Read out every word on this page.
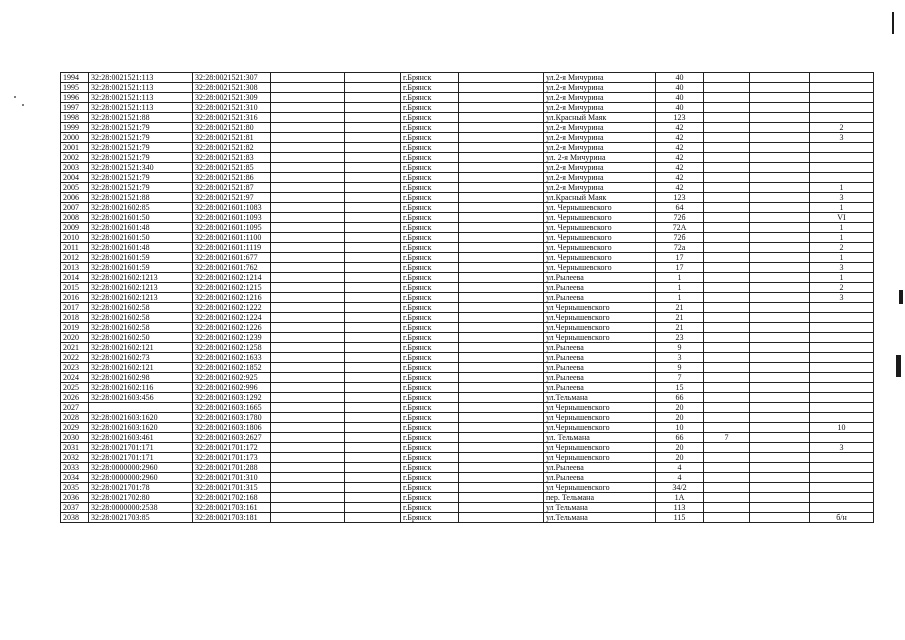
1994	32:28:0021521:113	32:28:0021521:307			г.Брянск		ул.2-я Мичурина	40			
1995	32:28:0021521:113	32:28:0021521:308			г.Брянск		ул.2-я Мичурина	40			
1996	32:28:0021521:113	32:28:0021521:309			г.Брянск		ул.2-я Мичурина	40			
1997	32:28:0021521:113	32:28:0021521:310			г.Брянск		ул.2-я Мичурина	40			
1998	32:28:0021521:88	32:28:0021521:316			г.Брянск		ул.Красный Маяк	123			
1999	32:28:0021521:79	32:28:0021521:80			г.Брянск		ул.2-я Мичурина	42			2
2000	32:28:0021521:79	32:28:0021521:81			г.Брянск		ул.2-я Мичурина	42			3
2001	32:28:0021521:79	32:28:0021521:82			г.Брянск		ул.2-я Мичурина	42			
2002	32:28:0021521:79	32:28:0021521:83			г.Брянск		ул. 2-я Мичурина	42			
2003	32:28:0021521:340	32:28:0021521:85			г.Брянск		ул.2-я Мичурина	42			
2004	32:28:0021521:79	32:28:0021521:86			г.Брянск		ул.2-я Мичурина	42			
2005	32:28:0021521:79	32:28:0021521:87			г.Брянск		ул.2-я Мичурина	42			1
2006	32:28:0021521:88	32:28:0021521:97			г.Брянск		ул.Красный Маяк	123			3
2007	32:28:0021602:85	32:28:0021601:1083			г.Брянск		ул. Чернышевского	64			1
2008	32:28:0021601:50	32:28:0021601:1093			г.Брянск		ул. Чернышевского	72б			VI
2009	32:28:0021601:48	32:28:0021601:1095			г.Брянск		ул. Чернышевского	72А			1
2010	32:28:0021601:50	32:28:0021601:1100			г.Брянск		ул. Чернышевского	72б			1
2011	32:28:0021601:48	32:28:0021601:1119			г.Брянск		ул. Чернышевского	72а			2
2012	32:28:0021601:59	32:28:0021601:677			г.Брянск		ул. Чернышевского	17			1
2013	32:28:0021601:59	32:28:0021601:762			г.Брянск		ул. Чернышевского	17			3
2014	32:28:0021602:1213	32:28:0021602:1214			г.Брянск		ул.Рылеева	1			1
2015	32:28:0021602:1213	32:28:0021602:1215			г.Брянск		ул.Рылеева	1			2
2016	32:28:0021602:1213	32:28:0021602:1216			г.Брянск		ул.Рылеева	1			3
2017	32:28:0021602:58	32:28:0021602:1222			г.Брянск		ул Чернышевского	21			
2018	32:28:0021602:58	32:28:0021602:1224			г.Брянск		ул.Чернышевского	21			
2019	32:28:0021602:58	32:28:0021602:1226			г.Брянск		ул.Чернышевского	21			
2020	32:28:0021602:50	32:28:0021602:1239			г.Брянск		ул Чернышевского	23			
2021	32:28:0021602:121	32:28:0021602:1258			г.Брянск		ул.Рылеева	9			
2022	32:28:0021602:73	32:28:0021602:1633			г.Брянск		ул.Рылеева	3			
2023	32:28:0021602:121	32:28:0021602:1852			г.Брянск		ул.Рылеева	9			
2024	32:28:0021602:98	32:28:0021602:925			г.Брянск		ул.Рылеева	7			
2025	32:28:0021602:116	32:28:0021602:996			г.Брянск		ул.Рылеева	15			
2026	32:28:0021603:456	32:28:0021603:1292			г.Брянск		ул.Тельмана	66			
2027		32:28:0021603:1665			г.Брянск		ул Чернышевского	20			
2028	32:28:0021603:1620	32:28:0021603:1780			г.Брянск		ул Чернышевского	20			
2029	32:28:0021603:1620	32:28:0021603:1806			г.Брянск		ул.Чернышевского	10			10
2030	32:28:0021603:461	32:28:0021603:2627			г.Брянск		ул. Тельмана	66	7		
2031	32:28:0021701:171	32:28:0021701:172			г.Брянск		ул Чернышевского	20			3
2032	32:28:0021701:171	32:28:0021701:173			г.Брянск		ул Чернышевского	20			
2033	32:28:0000000:2960	32:28:0021701:288			г.Брянск		ул.Рылеева	4			
2034	32:28:0000000:2960	32:28:0021701:310			г.Брянск		ул.Рылеева	4			
2035	32:28:0021701:78	32:28:0021701:315			г.Брянск		ул Чернышевского	34/2			
2036	32:28:0021702:80	32:28:0021702:168			г.Брянск		пер. Тельмана	1А			
2037	32:28:0000000:2538	32:28:0021703:161			г.Брянск		ул Тельмана	113			
2038	32:28:0021703:85	32:28:0021703:181			г.Брянск		ул.Тельмана	115			б/н
